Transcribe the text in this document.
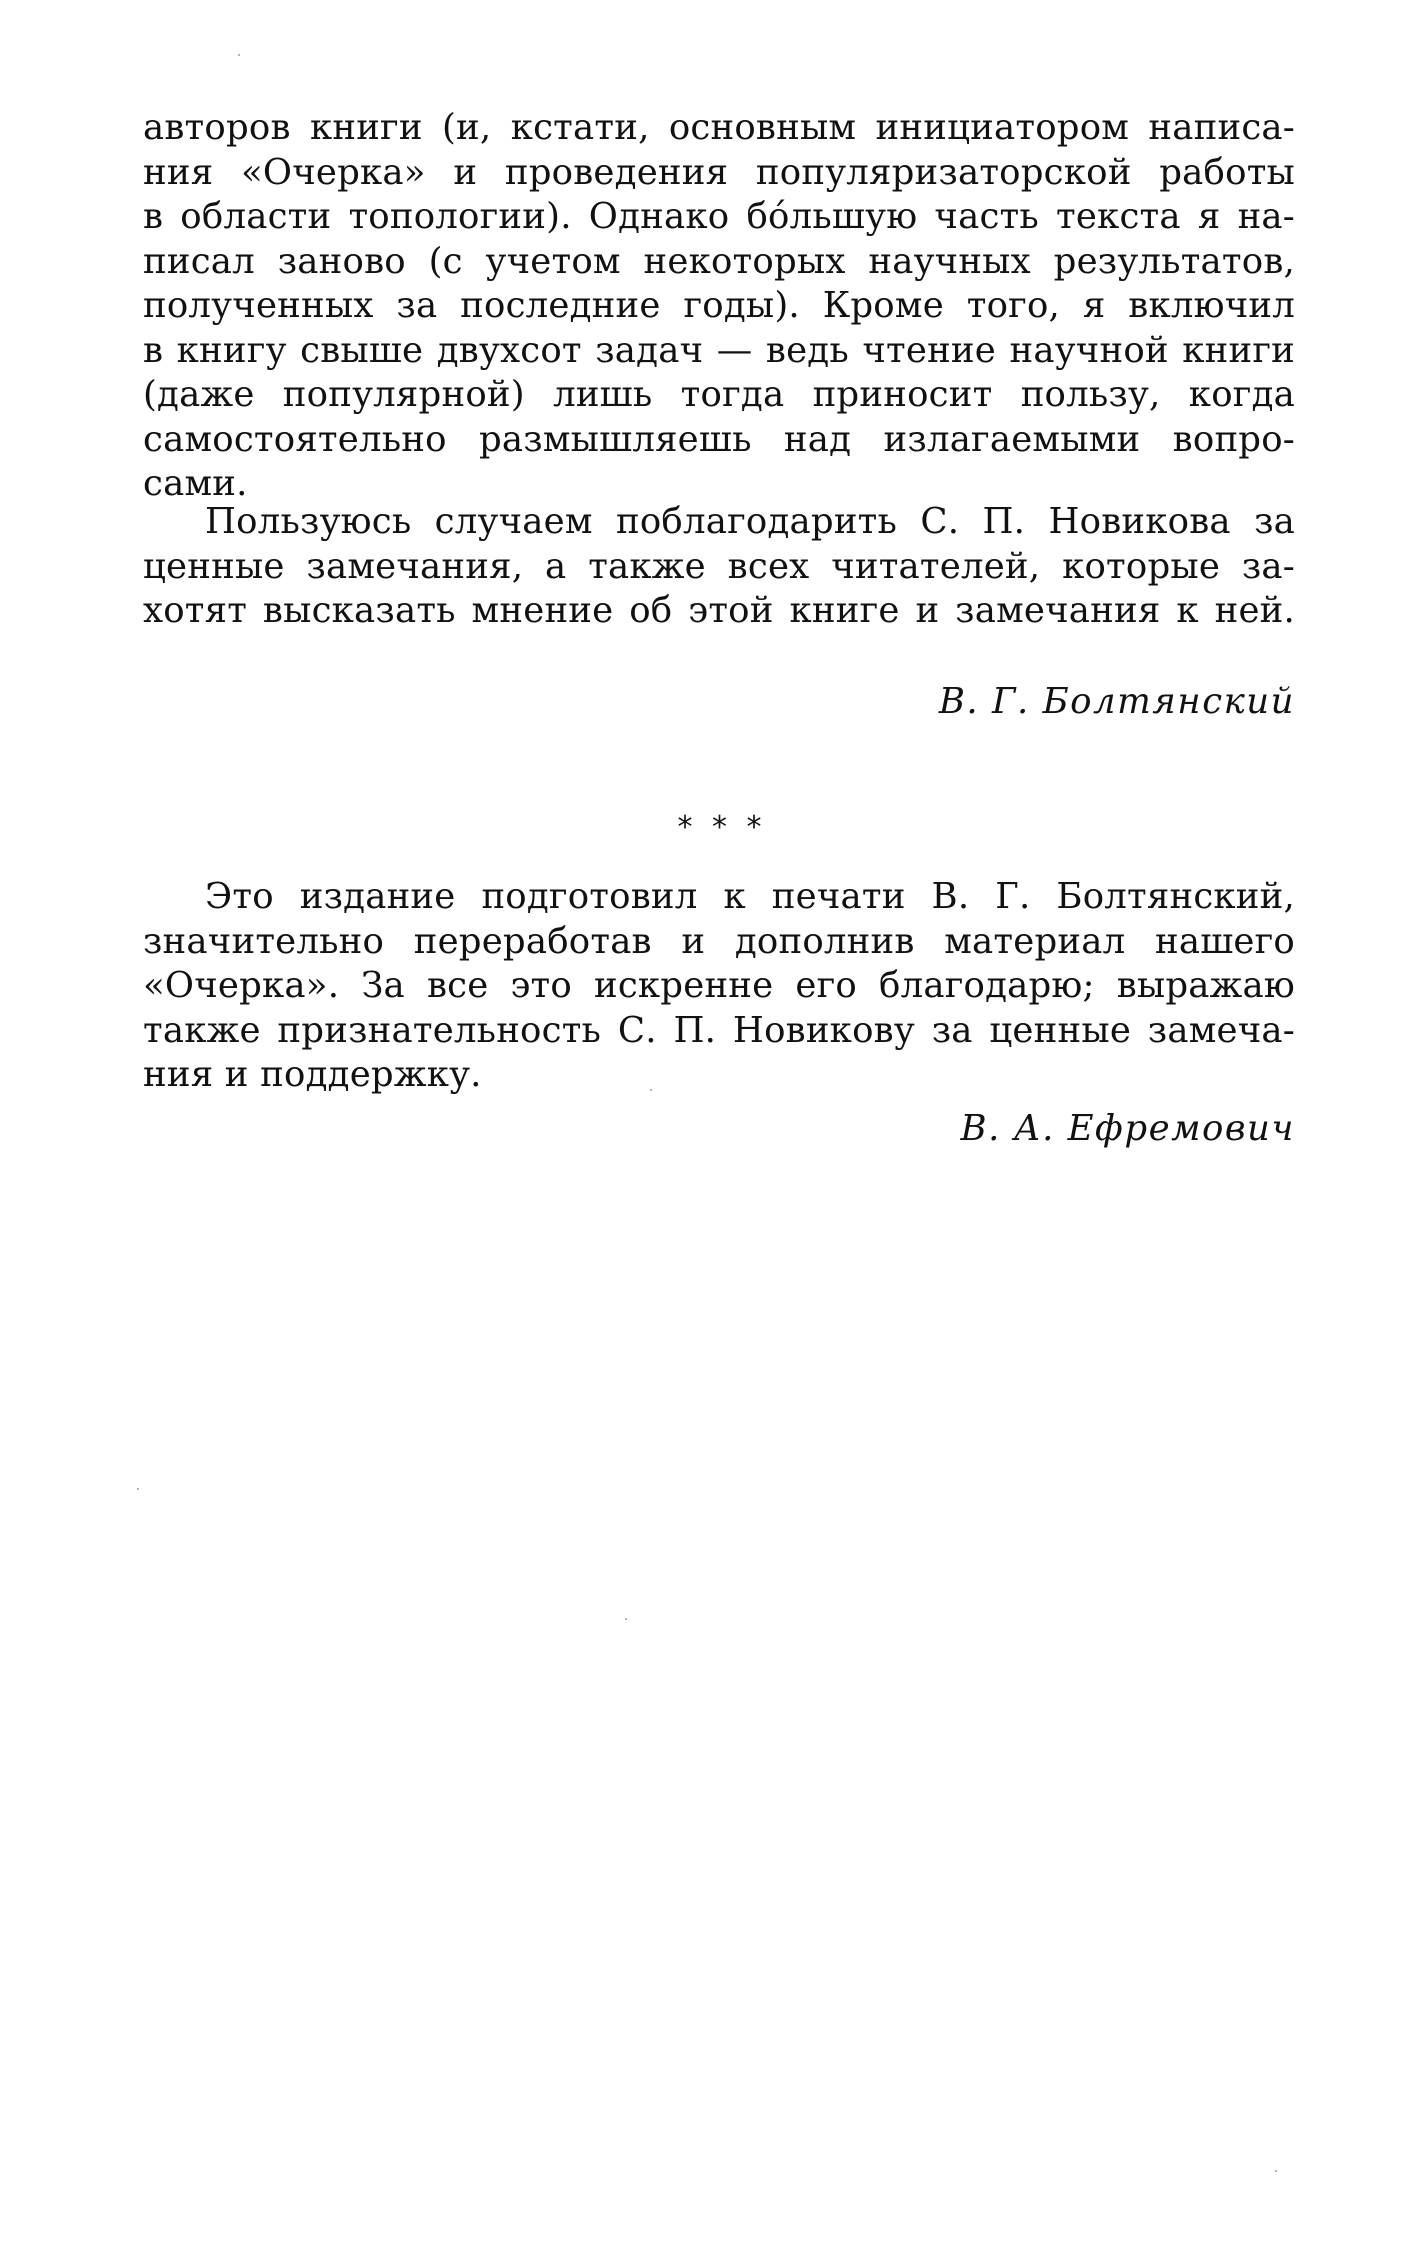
авторов книги (и, кстати, основным инициатором написа-
ния «Очерка» и проведения популяризаторской работы
в области топологии). Однако бóльшую часть текста я на-
писал заново (с учетом некоторых научных результатов,
полученных за последние годы). Кроме того, я включил
в книгу свыше двухсот задач — ведь чтение научной книги
(даже популярной) лишь тогда приносит пользу, когда
самостоятельно размышляешь над излагаемыми вопро-
сами.
Пользуюсь случаем поблагодарить С. П. Новикова за
ценные замечания, а также всех читателей, которые за-
хотят высказать мнение об этой книге и замечания к ней.
В. Г. Болтянский
* * *
Это издание подготовил к печати В. Г. Болтянский,
значительно переработав и дополнив материал нашего
«Очерка». За все это искренне его благодарю; выражаю
также признательность С. П. Новикову за ценные замеча-
ния и поддержку.
В. А. Ефремович
